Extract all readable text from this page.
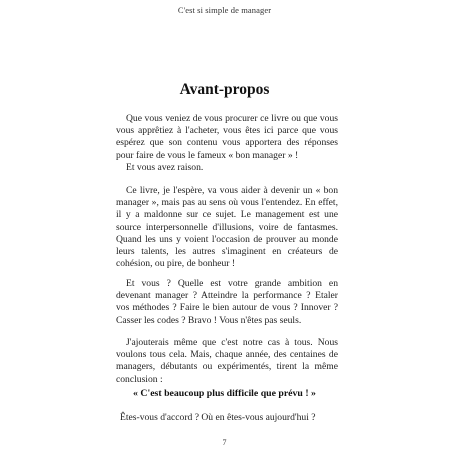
C'est si simple de manager
Avant-propos

Que vous veniez de vous procurer ce livre ou que vous vous apprêtiez à l'acheter, vous êtes ici parce que vous espérez que son contenu vous apportera des réponses pour faire de vous le fameux « bon manager » !

Et vous avez raison.

Ce livre, je l'espère, va vous aider à devenir un « bon manager », mais pas au sens où vous l'entendez. En effet, il y a maldonne sur ce sujet. Le management est une source interpersonnelle d'illusions, voire de fantasmes. Quand les uns y voient l'occasion de prouver au monde leurs talents, les autres s'imaginent en créateurs de cohésion, ou pire, de bonheur !

Et vous ? Quelle est votre grande ambition en devenant manager ? Atteindre la performance ? Etaler vos méthodes ? Faire le bien autour de vous ? Innover ? Casser les codes ? Bravo ! Vous n'êtes pas seuls.

J'ajouterais même que c'est notre cas à tous. Nous voulons tous cela. Mais, chaque année, des centaines de managers, débutants ou expérimentés, tirent la même conclusion :

« C'est beaucoup plus difficile que prévu ! »
Êtes-vous d'accord ? Où en êtes-vous aujourd'hui ?
7
